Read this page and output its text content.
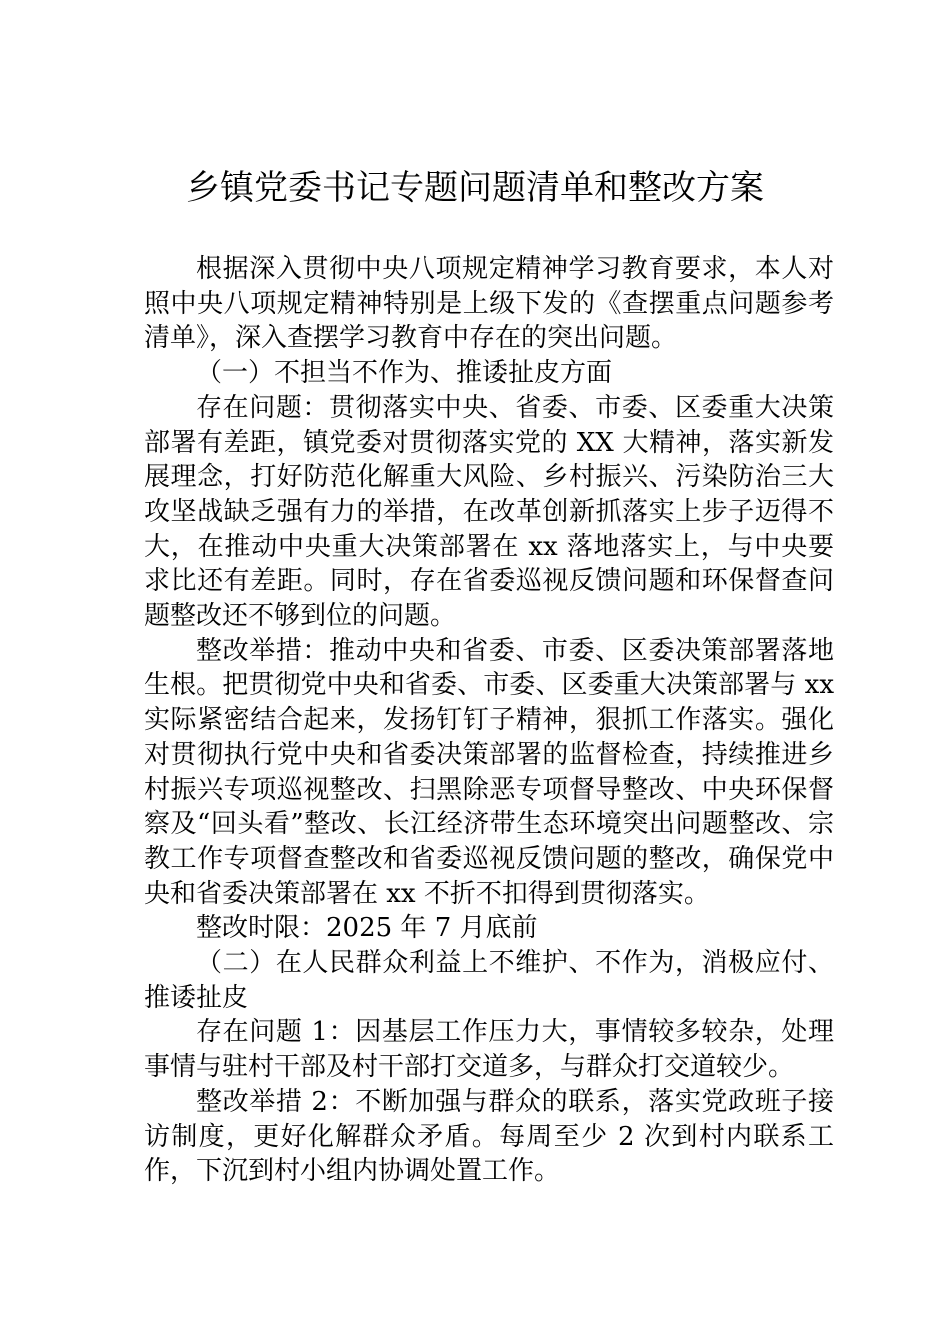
乡镇党委书记专题问题清单和整改方案

根据深入贯彻中央八项规定精神学习教育要求，本人对照中央八项规定精神特别是上级下发的《查摆重点问题参考清单》，深入查摆学习教育中存在的突出问题。

（一）不担当不作为、推诿扯皮方面

存在问题：贯彻落实中央、省委、市委、区委重大决策部署有差距，镇党委对贯彻落实党的 XX 大精神，落实新发展理念，打好防范化解重大风险、乡村振兴、污染防治三大攻坚战缺乏强有力的举措，在改革创新抓落实上步子迈得不大，在推动中央重大决策部署在 xx 落地落实上，与中央要求比还有差距。同时，存在省委巡视反馈问题和环保督查问题整改还不够到位的问题。

整改举措：推动中央和省委、市委、区委决策部署落地生根。把贯彻党中央和省委、市委、区委重大决策部署与 xx 实际紧密结合起来，发扬钉钉子精神，狠抓工作落实。强化对贯彻执行党中央和省委决策部署的监督检查，持续推进乡村振兴专项巡视整改、扫黑除恶专项督导整改、中央环保督察及“回头看”整改、长江经济带生态环境突出问题整改、宗教工作专项督查整改和省委巡视反馈问题的整改，确保党中央和省委决策部署在 xx 不折不扣得到贯彻落实。

整改时限：2025 年 7 月底前

（二）在人民群众利益上不维护、不作为，消极应付、推诿扯皮

存在问题 1：因基层工作压力大，事情较多较杂，处理事情与驻村干部及村干部打交道多，与群众打交道较少。

整改举措 2：不断加强与群众的联系，落实党政班子接访制度，更好化解群众矛盾。每周至少 2 次到村内联系工作，下沉到村小组内协调处置工作。
